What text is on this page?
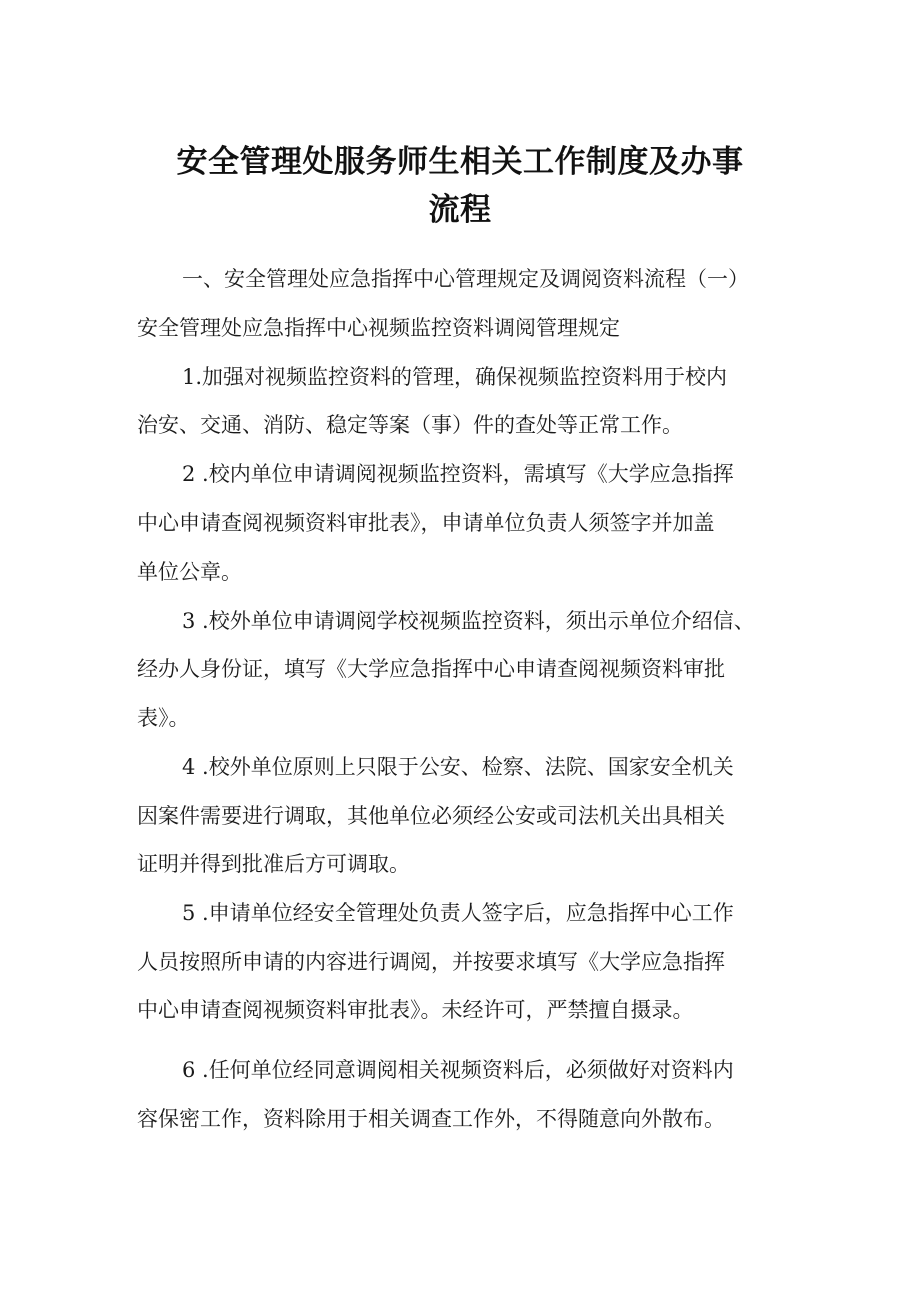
安全管理处服务师生相关工作制度及办事
流程
一、安全管理处应急指挥中心管理规定及调阅资料流程（一）
安全管理处应急指挥中心视频监控资料调阅管理规定
1.加强对视频监控资料的管理，确保视频监控资料用于校内
治安、交通、消防、稳定等案（事）件的查处等正常工作。
2 .校内单位申请调阅视频监控资料，需填写《大学应急指挥
中心申请查阅视频资料审批表》，申请单位负责人须签字并加盖
单位公章。
3 .校外单位申请调阅学校视频监控资料，须出示单位介绍信、
经办人身份证，填写《大学应急指挥中心申请查阅视频资料审批
表》。
4 .校外单位原则上只限于公安、检察、法院、国家安全机关
因案件需要进行调取，其他单位必须经公安或司法机关出具相关
证明并得到批准后方可调取。
5 .申请单位经安全管理处负责人签字后，应急指挥中心工作
人员按照所申请的内容进行调阅，并按要求填写《大学应急指挥
中心申请查阅视频资料审批表》。未经许可，严禁擅自摄录。
6 .任何单位经同意调阅相关视频资料后，必须做好对资料内
容保密工作，资料除用于相关调查工作外，不得随意向外散布。
